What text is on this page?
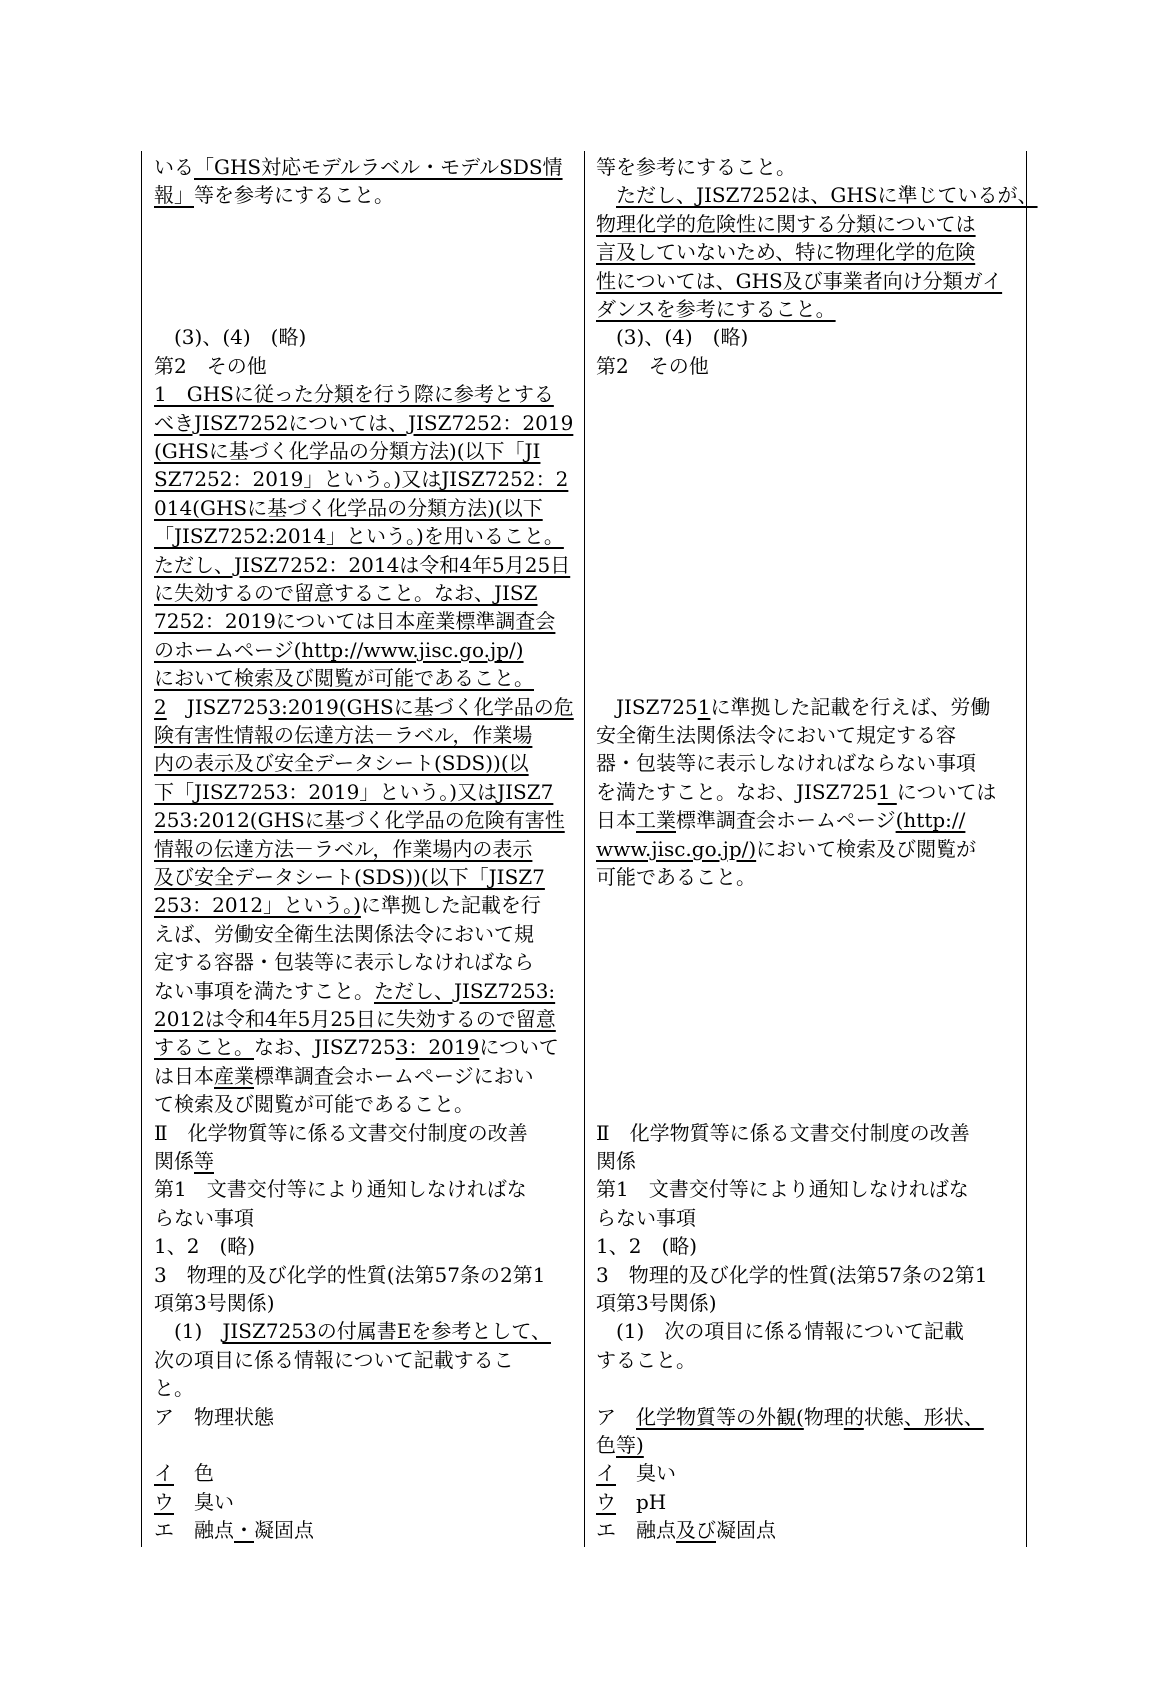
いる「GHS対応モデルラベル・モデルSDS情
報」等を参考にすること。
　(3)、(4)　(略)
第2　その他
1　GHSに従った分類を行う際に参考とする
べきJISZ7252については、JISZ7252：2019
(GHSに基づく化学品の分類方法)(以下「JI
SZ7252：2019」という。)又はJISZ7252：2
014(GHSに基づく化学品の分類方法)(以下
「JISZ7252:2014」という。)を用いること。
ただし、JISZ7252：2014は令和4年5月25日
に失効するので留意すること。なお、JISZ
7252：2019については日本産業標準調査会
のホームページ(http://www.jisc.go.jp/)
において検索及び閲覧が可能であること。
2　JISZ7253:2019(GHSに基づく化学品の危
険有害性情報の伝達方法－ラベル，作業場
内の表示及び安全データシート(SDS))(以
下「JISZ7253：2019」という。)又はJISZ7
253:2012(GHSに基づく化学品の危険有害性
情報の伝達方法－ラベル，作業場内の表示
及び安全データシート(SDS))(以下「JISZ7
253：2012」という。)に準拠した記載を行
えば、労働安全衛生法関係法令において規
定する容器・包装等に表示しなければなら
ない事項を満たすこと。ただし、JISZ7253:
2012は令和4年5月25日に失効するので留意
すること。なお、JISZ7253：2019について
は日本産業標準調査会ホームページにおい
て検索及び閲覧が可能であること。
Ⅱ　化学物質等に係る文書交付制度の改善
関係等
第1　文書交付等により通知しなければな
らない事項
1、2　(略)
3　物理的及び化学的性質(法第57条の2第1
項第3号関係)
　(1)　JISZ7253の付属書Eを参考として、
次の項目に係る情報について記載するこ
と。
ア　物理状態
イ　色
ウ　臭い
エ　融点・凝固点
等を参考にすること。
　ただし、JISZ7252は、GHSに準じているが、
物理化学的危険性に関する分類については
言及していないため、特に物理化学的危険
性については、GHS及び事業者向け分類ガイ
ダンスを参考にすること。
　(3)、(4)　(略)
第2　その他
　JISZ7251に準拠した記載を行えば、労働
安全衛生法関係法令において規定する容
器・包装等に表示しなければならない事項
を満たすこと。なお、JISZ7251 については
日本工業標準調査会ホームページ(http://
www.jisc.go.jp/)において検索及び閲覧が
可能であること。
Ⅱ　化学物質等に係る文書交付制度の改善
関係
第1　文書交付等により通知しなければな
らない事項
1、2　(略)
3　物理的及び化学的性質(法第57条の2第1
項第3号関係)
　(1)　次の項目に係る情報について記載
すること。
ア　化学物質等の外観(物理的状態、形状、
色等)
イ　臭い
ウ　pH
エ　融点及び凝固点
